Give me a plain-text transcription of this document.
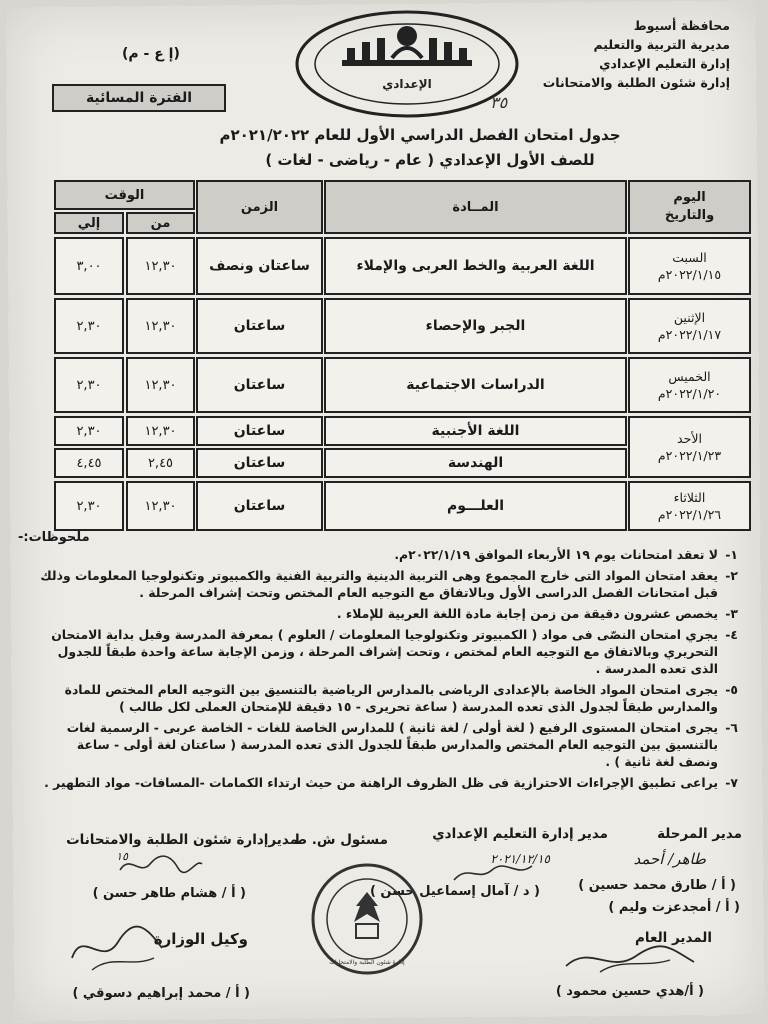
محافظة أسيوط
مديرية التربية والتعليم
إدارة التعليم الإعدادي
إدارة شئون الطلبة والامتحانات
الإعدادي
(إ ع - م)
الفترة المسائية	٣٥
جدول امتحان الفصل الدراسي الأول للعام ٢٠٢١/٢٠٢٢م
للصف الأول الإعدادي ( عام - رياضى - لغات )
اليوم
والتاريخ
المــادة
الزمن
الوقت
من
إلي
السبت
٢٠٢٢/١/١٥م
اللغة العربية والخط العربى والإملاء
ساعتان ونصف
١٢,٣٠
٣,٠٠
الإثنين
٢٠٢٢/١/١٧م
الجبر والإحصاء
ساعتان
١٢,٣٠
٢,٣٠
الخميس
٢٠٢٢/١/٢٠م
الدراسات الاجتماعية
ساعتان
١٢,٣٠
٢,٣٠
الأحد
٢٠٢٢/١/٢٣م
اللغة الأجنبية
ساعتان
١٢,٣٠
٢,٣٠
الهندسة
ساعتان
٢,٤٥
٤,٤٥
الثلاثاء
٢٠٢٢/١/٢٦م
العلـــوم
ساعتان
١٢,٣٠
٢,٣٠
ملحوظات:-
١-
لا تعقد امتحانات يوم ١٩ الأربعاء الموافق ٢٠٢٢/١/١٩م.
٢-
يعقد امتحان المواد التى خارج المجموع وهى التربية الدينية والتربية الفنية والكمبيوتر وتكنولوجيا المعلومات وذلك
قبل امتحانات الفصل الدراسى الأول وبالاتفاق مع التوجيه العام المختص وتحت إشراف المرحلة .
٣-
يخصص عشرون دقيقة من زمن إجابة مادة اللغة العربية للإملاء .
٤-
يجري امتحان النصّى فى مواد ( الكمبيوتر وتكنولوجيا المعلومات / العلوم ) بمعرفة المدرسة وقبل بداية الامتحان
التحريري وبالاتفاق مع التوجيه العام لمختص ، وتحت إشراف المرحلة ، وزمن الإجابة ساعة واحدة طبقاً للجدول
الذى تعده المدرسة .
٥-
يجرى امتحان المواد الخاصة بالإعدادى الرياضى بالمدارس الرياضية بالتنسيق بين التوجيه العام المختص للمادة
والمدارس طبقاً لجدول الذى تعده المدرسة ( ساعة تحريرى - ١٥ دقيقة للإمتحان العملى لكل طالب )
٦-
يجرى امتحان المستوى الرفيع ( لغة أولى / لغة ثانية ) للمدارس الخاصة للغات - الخاصة عربى - الرسمية لغات
بالتنسيق بين التوجيه العام المختص والمدارس طبقاً للجدول الذى تعده المدرسة ( ساعتان لغة أولى - ساعة
ونصف لغة ثانية ) .
٧-
يراعى تطبيق الإجراءات الاحترازية فى ظل الظروف الراهنة من حيث ارتداء الكمامات -المسافات- مواد التطهير .
مدير المرحلة
مدير إدارة التعليم الإعدادي
مسئول ش. ط
مديرإدارة شئون الطلبة والامتحانات
طاهر/ أحمد
٢٠٢١/١٢/١٥
١٥
( أ / طارق محمد حسين )
( أ / أمجدعزت وليم )
( د / آمال إسماعيل حسن )
( أ / هشام طاهر حسن )
إدارة شئون الطلبة والامتحانات
المدير العام
( أ/هدي حسين محمود )
وكيل الوزارة
( أ / محمد إبراهيم دسوقي )
